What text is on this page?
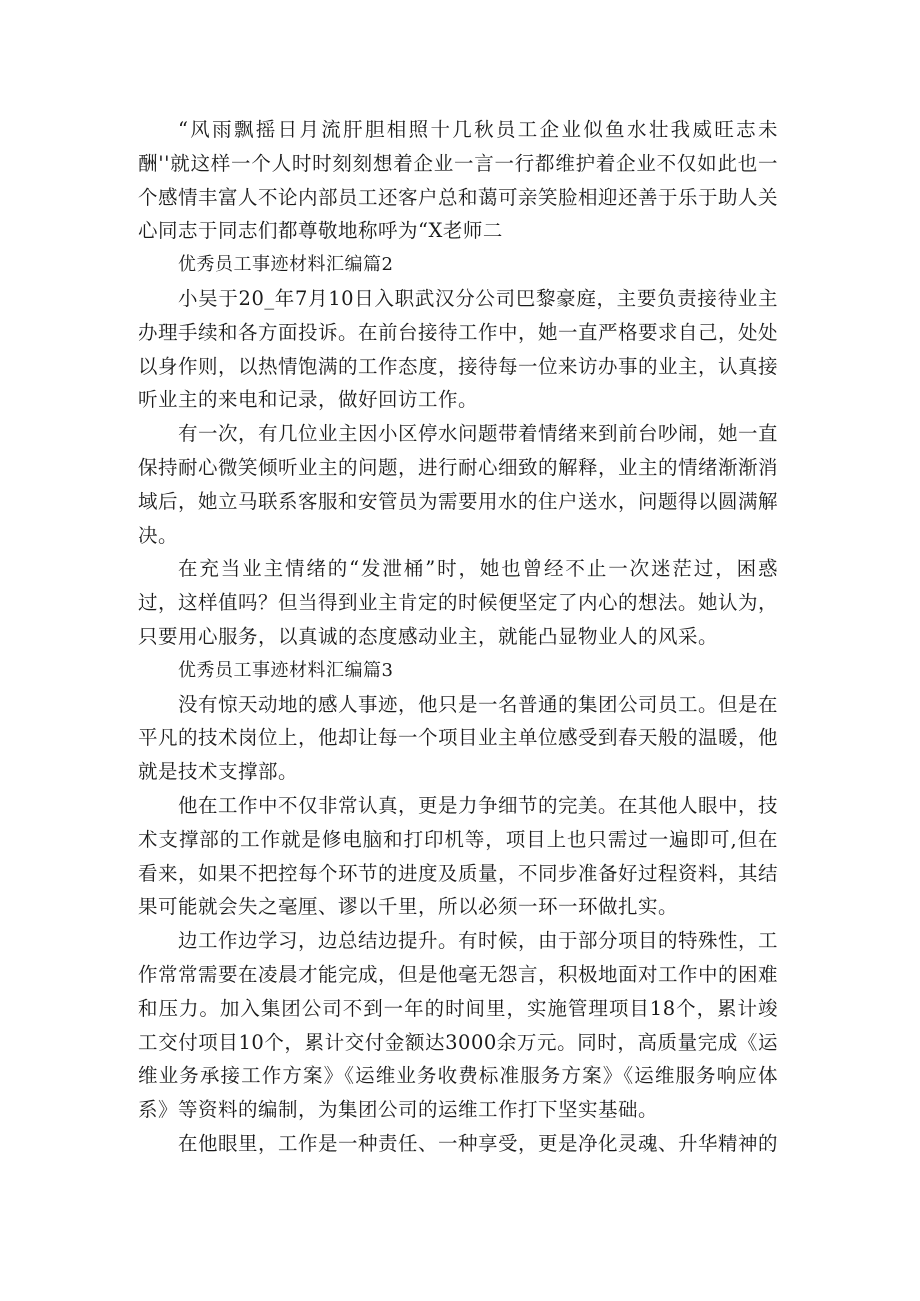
“风雨飘摇日月流肝胆相照十几秋员工企业似鱼水壮我威旺志未酬''就这样一个人时时刻刻想着企业一言一行都维护着企业不仅如此也一个感情丰富人不论内部员工还客户总和蔼可亲笑脸相迎还善于乐于助人关心同志于同志们都尊敬地称呼为“X老师二

优秀员工事迹材料汇编篇2

小吴于20_年7月10日入职武汉分公司巴黎豪庭，主要负责接待业主办理手续和各方面投诉。在前台接待工作中，她一直严格要求自己，处处以身作则，以热情饱满的工作态度，接待每一位来访办事的业主，认真接听业主的来电和记录，做好回访工作。

有一次，有几位业主因小区停水问题带着情绪来到前台吵闹，她一直保持耐心微笑倾听业主的问题，进行耐心细致的解释，业主的情绪渐渐消域后，她立马联系客服和安管员为需要用水的住户送水，问题得以圆满解决。

在充当业主情绪的“发泄桶”时，她也曾经不止一次迷茫过，困惑过，这样值吗？但当得到业主肯定的时候便坚定了内心的想法。她认为，只要用心服务，以真诚的态度感动业主，就能凸显物业人的风采。

优秀员工事迹材料汇编篇3

没有惊天动地的感人事迹，他只是一名普通的集团公司员工。但是在平凡的技术岗位上，他却让每一个项目业主单位感受到春天般的温暖，他就是技术支撑部。

他在工作中不仅非常认真，更是力争细节的完美。在其他人眼中，技术支撑部的工作就是修电脑和打印机等，项目上也只需过一遍即可,但在看来，如果不把控每个环节的进度及质量，不同步准备好过程资料，其结果可能就会失之毫厘、谬以千里，所以必须一环一环做扎实。

边工作边学习，边总结边提升。有时候，由于部分项目的特殊性，工作常常需要在凌晨才能完成，但是他毫无怨言，积极地面对工作中的困难和压力。加入集团公司不到一年的时间里，实施管理项目18个，累计竣工交付项目10个，累计交付金额达3000余万元。同时，高质量完成《运维业务承接工作方案》《运维业务收费标准服务方案》《运维服务响应体系》等资料的编制，为集团公司的运维工作打下坚实基础。

在他眼里，工作是一种责任、一种享受，更是净化灵魂、升华精神的
